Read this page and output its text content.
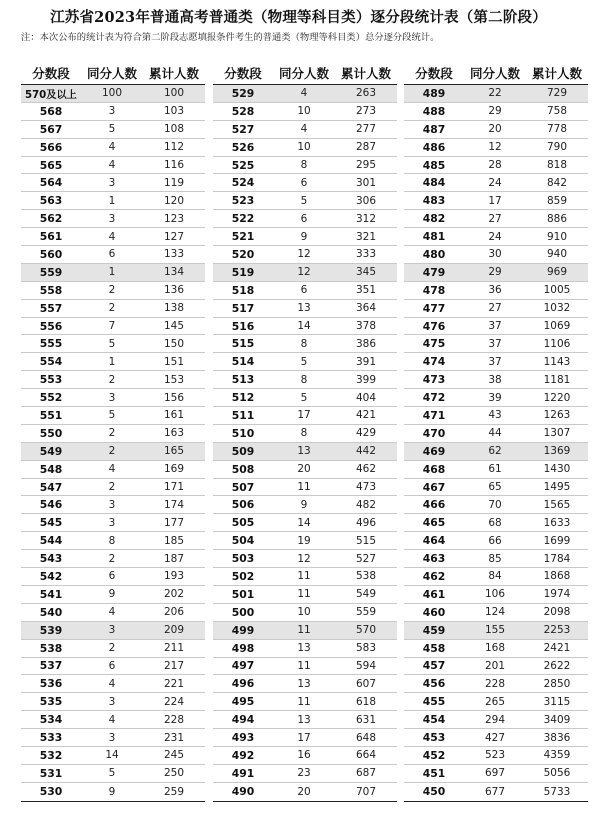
江苏省2023年普通高考普通类（物理等科目类）逐分段统计表（第二阶段）
注：本次公布的统计表为符合第二阶段志愿填报条件考生的普通类（物理等科目类）总分逐分段统计。
分数段	同分人数 累计人数
570及以上	100	100
568	3	103
567	5	108
566	4	112
565	4	116
564	3	119
563	1	120
562	3	123
561	4	127
560	6	133
559	1	134
558	2	136
557	2	138
556	7	145
555	5	150
554	1	151
553	2	153
552	3	156
551	5	161
550	2	163
549	2	165
548	4	169
547	2	171
546	3	174
545	3	177
544	8	185
543	2	187
542	6	193
541	9	202
540	4	206
539	3	209
538	2	211
537	6	217
536	4	221
535	3	224
534	4	228
533	3	231
532	14	245
531	5	250
530	9	259
分数段	同分人数 累计人数
529	4	263
528	10	273
527	4	277
526	10	287
525	8	295
524	6	301
523	5	306
522	6	312
521	9	321
520	12	333
519	12	345
518	6	351
517	13	364
516	14	378
515	8	386
514	5	391
513	8	399
512	5	404
511	17	421
510	8	429
509	13	442
508	20	462
507	11	473
506	9	482
505	14	496
504	19	515
503	12	527
502	11	538
501	11	549
500	10	559
499	11	570
498	13	583
497	11	594
496	13	607
495	11	618
494	13	631
493	17	648
492	16	664
491	23	687
490	20	707
分数段	同分人数 累计人数
489	22	729
488	29	758
487	20	778
486	12	790
485	28	818
484	24	842
483	17	859
482	27	886
481	24	910
480	30	940
479	29	969
478	36	1005
477	27	1032
476	37	1069
475	37	1106
474	37	1143
473	38	1181
472	39	1220
471	43	1263
470	44	1307
469	62	1369
468	61	1430
467	65	1495
466	70	1565
465	68	1633
464	66	1699
463	85	1784
462	84	1868
461	106	1974
460	124	2098
459	155	2253
458	168	2421
457	201	2622
456	228	2850
455	265	3115
454	294	3409
453	427	3836
452	523	4359
451	697	5056
450	677	5733
